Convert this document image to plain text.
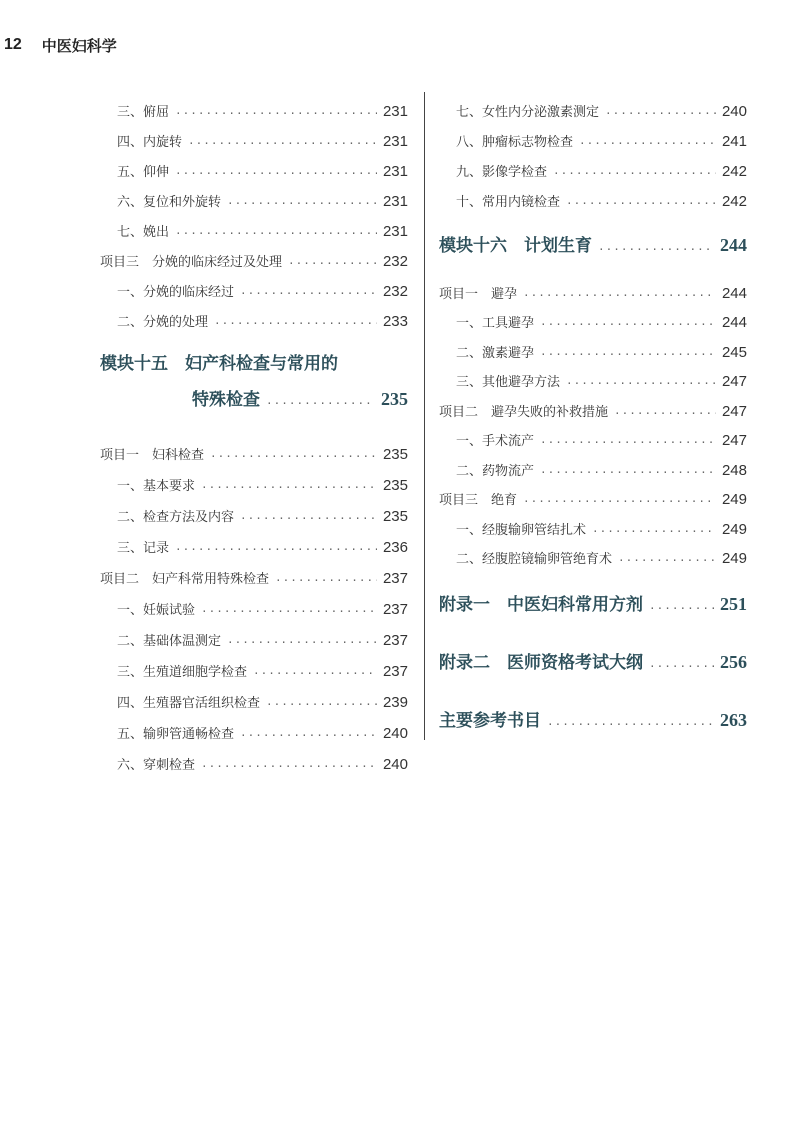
12 中医妇科学
三、俯屈 ·····	231
四、内旋转 ·····	231
五、仰伸 ·····	231
六、复位和外旋转 ·····	231
七、娩出 ·····	231
项目三　分娩的临床经过及处理 ·····	232
一、分娩的临床经过 ·····	232
二、分娩的处理 ·····	233
模块十五　妇产科检查与常用的
特殊检查 ·····	235
项目一　妇科检查 ·····	235
一、基本要求 ·····	235
二、检查方法及内容 ·····	235
三、记录 ·····	236
项目二　妇产科常用特殊检查 ·····	237
一、妊娠试验 ·····	237
二、基础体温测定 ·····	237
三、生殖道细胞学检查 ·····	237
四、生殖器官活组织检查 ·····	239
五、输卵管通畅检查 ·····	240
六、穿刺检查 ·····	240
七、女性内分泌激素测定 ·····	240
八、肿瘤标志物检查 ·····	241
九、影像学检查 ·····	242
十、常用内镜检查 ·····	242
模块十六　计划生育 ·····	244
项目一　避孕 ·····	244
一、工具避孕 ·····	244
二、激素避孕 ·····	245
三、其他避孕方法 ·····	247
项目二　避孕失败的补救措施 ·····	247
一、手术流产 ·····	247
二、药物流产 ·····	248
项目三　绝育 ·····	249
一、经腹输卵管结扎术 ·····	249
二、经腹腔镜输卵管绝育术 ·····	249
附录一　中医妇科常用方剂 ·····	251
附录二　医师资格考试大纲 ·····	256
主要参考书目 ·····	263
